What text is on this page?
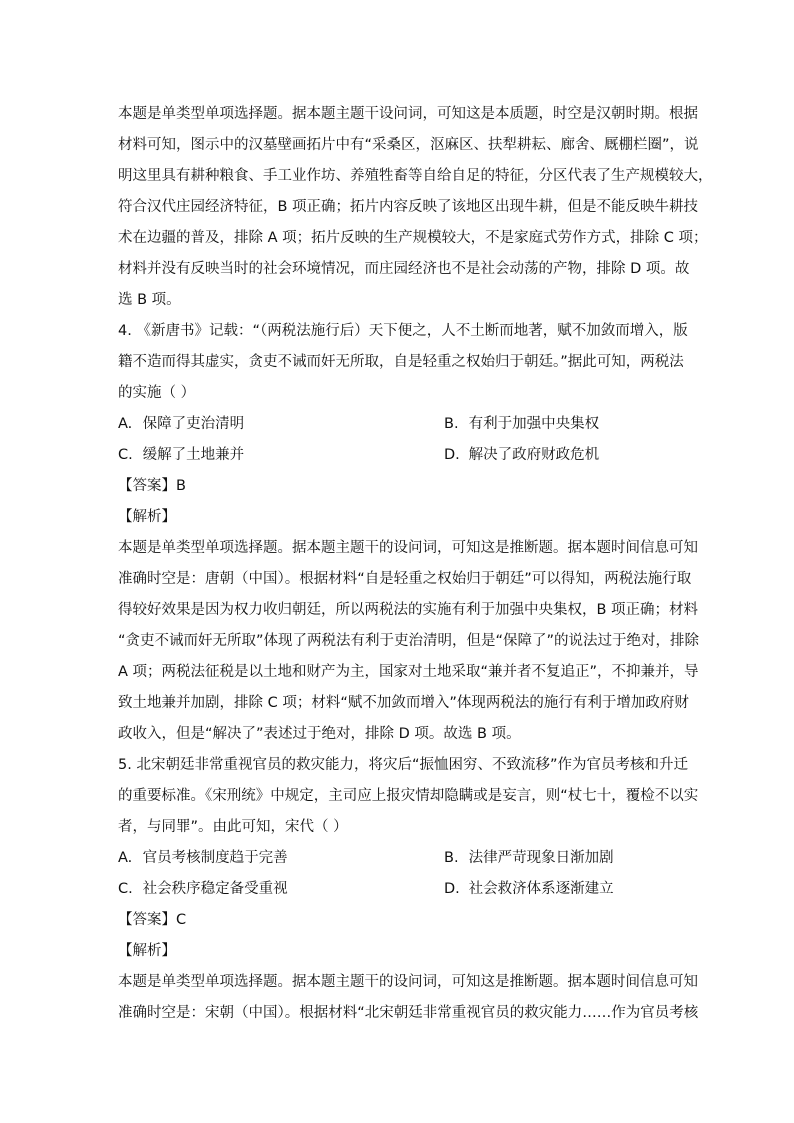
本题是单类型单项选择题。据本题主题干设问词，可知这是本质题，时空是汉朝时期。根据
材料可知，图示中的汉墓壁画拓片中有“采桑区，沤麻区、扶犁耕耘、廊舍、厩棚栏圈”，说
明这里具有耕种粮食、手工业作坊、养殖牲畜等自给自足的特征，分区代表了生产规模较大，
符合汉代庄园经济特征，B 项正确；拓片内容反映了该地区出现牛耕，但是不能反映牛耕技
术在边疆的普及，排除 A 项；拓片反映的生产规模较大，不是家庭式劳作方式，排除 C 项；
材料并没有反映当时的社会环境情况，而庄园经济也不是社会动荡的产物，排除 D 项。故
选 B 项。
4. 《新唐书》记载：“（两税法施行后）天下便之，人不土断而地著，赋不加敛而增入，版
籍不造而得其虚实，贪吏不诫而奸无所取，自是轻重之权始归于朝廷。”据此可知，两税法
的实施（ ）
A. 保障了吏治清明	B. 有利于加强中央集权
C. 缓解了土地兼并	D. 解决了政府财政危机
【答案】B
【解析】
本题是单类型单项选择题。据本题主题干的设问词，可知这是推断题。据本题时间信息可知
准确时空是：唐朝（中国）。根据材料“自是轻重之权始归于朝廷”可以得知，两税法施行取
得较好效果是因为权力收归朝廷，所以两税法的实施有利于加强中央集权，B 项正确；材料
“贪吏不诫而奸无所取”体现了两税法有利于吏治清明，但是“保障了”的说法过于绝对，排除
A 项；两税法征税是以土地和财产为主，国家对土地采取“兼并者不复追正”，不抑兼并，导
致土地兼并加剧，排除 C 项；材料“赋不加敛而增入”体现两税法的施行有利于增加政府财
政收入，但是“解决了”表述过于绝对，排除 D 项。故选 B 项。
5. 北宋朝廷非常重视官员的救灾能力，将灾后“振恤困穷、不致流移”作为官员考核和升迁
的重要标准。《宋刑统》中规定，主司应上报灾情却隐瞒或是妄言，则“杖七十，覆检不以实
者，与同罪”。由此可知，宋代（ ）
A. 官员考核制度趋于完善	B. 法律严苛现象日渐加剧
C. 社会秩序稳定备受重视	D. 社会救济体系逐渐建立
【答案】C
【解析】
本题是单类型单项选择题。据本题主题干的设问词，可知这是推断题。据本题时间信息可知
准确时空是：宋朝（中国）。根据材料“北宋朝廷非常重视官员的救灾能力……作为官员考核
